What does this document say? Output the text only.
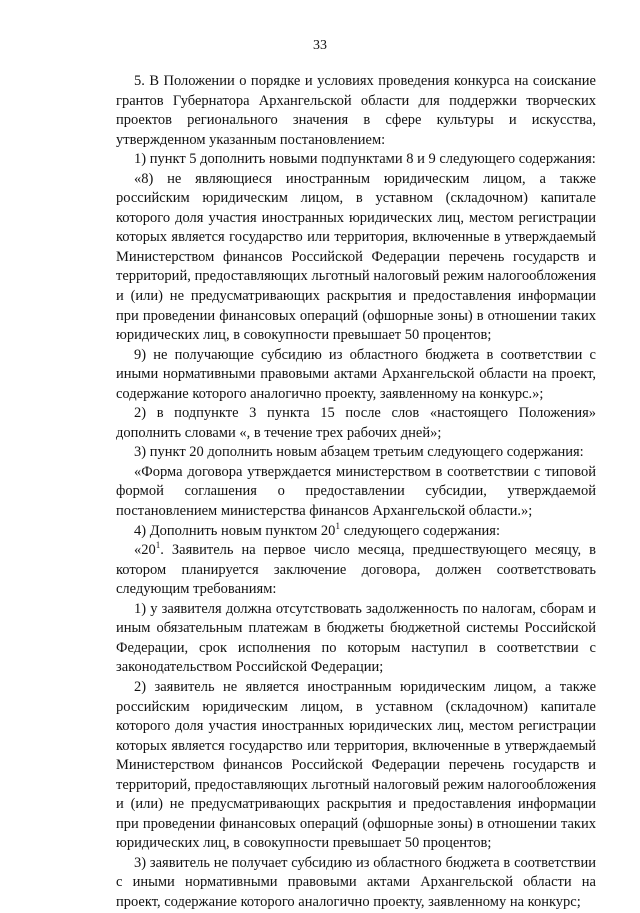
33

5. В Положении о порядке и условиях проведения конкурса на соискание грантов Губернатора Архангельской области для поддержки творческих проектов регионального значения в сфере культуры и искусства, утвержденном указанным постановлением:

1) пункт 5 дополнить новыми подпунктами 8 и 9 следующего содержания:

«8) не являющиеся иностранным юридическим лицом, а также российским юридическим лицом, в уставном (складочном) капитале которого доля участия иностранных юридических лиц, местом регистрации которых является государство или территория, включенные в утверждаемый Министерством финансов Российской Федерации перечень государств и территорий, предоставляющих льготный налоговый режим налогообложения и (или) не предусматривающих раскрытия и предоставления информации при проведении финансовых операций (офшорные зоны) в отношении таких юридических лиц, в совокупности превышает 50 процентов;

9) не получающие субсидию из областного бюджета в соответствии с иными нормативными правовыми актами Архангельской области на проект, содержание которого аналогично проекту, заявленному на конкурс.»;

2) в подпункте 3 пункта 15 после слов «настоящего Положения» дополнить словами «, в течение трех рабочих дней»;

3) пункт 20 дополнить новым абзацем третьим следующего содержания:

«Форма договора утверждается министерством в соответствии с типовой формой соглашения о предоставлении субсидии, утверждаемой постановлением министерства финансов Архангельской области.»;

4) Дополнить новым пунктом $20^1$ следующего содержания:

«$20^1$. Заявитель на первое число месяца, предшествующего месяцу, в котором планируется заключение договора, должен соответствовать следующим требованиям:

1) у заявителя должна отсутствовать задолженность по налогам, сборам и иным обязательным платежам в бюджеты бюджетной системы Российской Федерации, срок исполнения по которым наступил в соответствии с законодательством Российской Федерации;

2) заявитель не является иностранным юридическим лицом, а также российским юридическим лицом, в уставном (складочном) капитале которого доля участия иностранных юридических лиц, местом регистрации которых является государство или территория, включенные в утверждаемый Министерством финансов Российской Федерации перечень государств и территорий, предоставляющих льготный налоговый режим налогообложения и (или) не предусматривающих раскрытия и предоставления информации при проведении финансовых операций (офшорные зоны) в отношении таких юридических лиц, в совокупности превышает 50 процентов;

3) заявитель не получает субсидию из областного бюджета в соответствии с иными нормативными правовыми актами Архангельской области на проект, содержание которого аналогично проекту, заявленному на конкурс;
